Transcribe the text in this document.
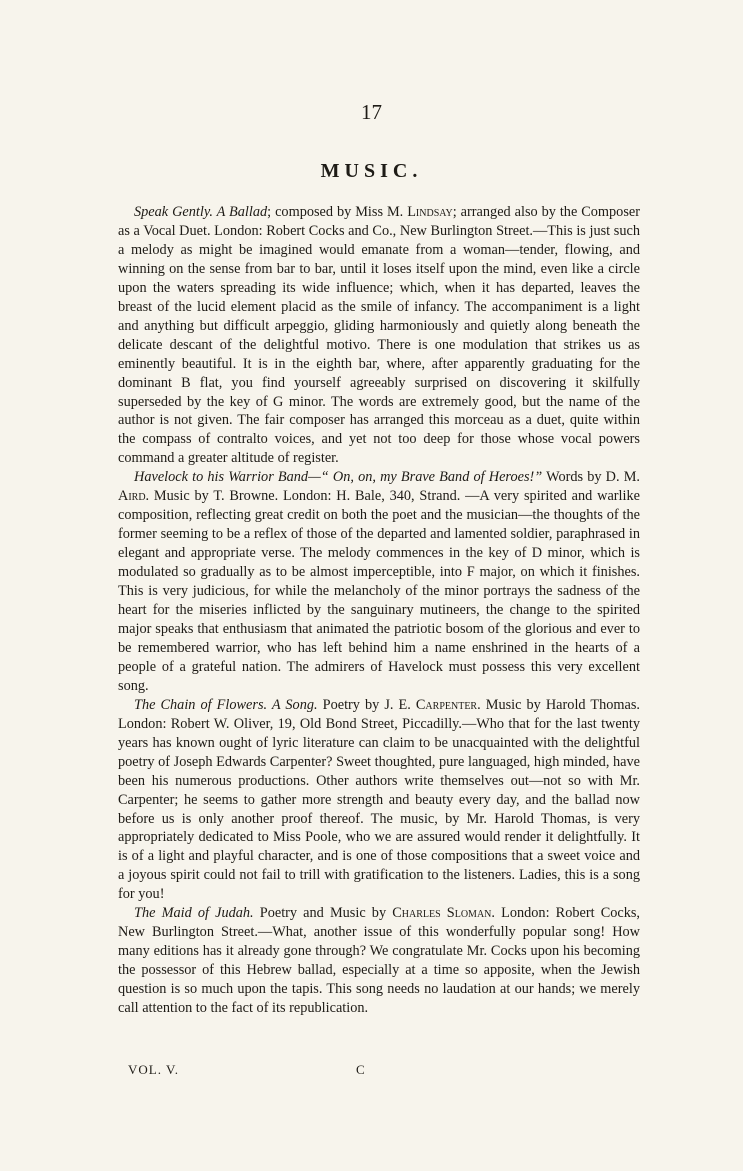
17
MUSIC.

Speak Gently. A Ballad; composed by Miss M. Lindsay; arranged also by the Composer as a Vocal Duet. London: Robert Cocks and Co., New Burlington Street.—This is just such a melody as might be imagined would emanate from a woman—tender, flowing, and winning on the sense from bar to bar, until it loses itself upon the mind, even like a circle upon the waters spreading its wide influence; which, when it has departed, leaves the breast of the lucid element placid as the smile of infancy. The accompaniment is a light and anything but difficult arpeggio, gliding harmoniously and quietly along beneath the delicate descant of the delightful motivo. There is one modulation that strikes us as eminently beautiful. It is in the eighth bar, where, after apparently graduating for the dominant B flat, you find yourself agreeably surprised on discovering it skilfully superseded by the key of G minor. The words are extremely good, but the name of the author is not given. The fair composer has arranged this morceau as a duet, quite within the compass of contralto voices, and yet not too deep for those whose vocal powers command a greater altitude of register.

Havelock to his Warrior Band—“ On, on, my Brave Band of Heroes!” Words by D. M. Aird. Music by T. Browne. London: H. Bale, 340, Strand. —A very spirited and warlike composition, reflecting great credit on both the poet and the musician—the thoughts of the former seeming to be a reflex of those of the departed and lamented soldier, paraphrased in elegant and appropriate verse. The melody commences in the key of D minor, which is modulated so gradually as to be almost imperceptible, into F major, on which it finishes. This is very judicious, for while the melancholy of the minor portrays the sadness of the heart for the miseries inflicted by the sanguinary mutineers, the change to the spirited major speaks that enthusiasm that animated the patriotic bosom of the glorious and ever to be remembered warrior, who has left behind him a name enshrined in the hearts of a people of a grateful nation. The admirers of Havelock must possess this very excellent song.

The Chain of Flowers. A Song. Poetry by J. E. Carpenter. Music by Harold Thomas. London: Robert W. Oliver, 19, Old Bond Street, Piccadilly.—Who that for the last twenty years has known ought of lyric literature can claim to be unacquainted with the delightful poetry of Joseph Edwards Carpenter? Sweet thoughted, pure languaged, high minded, have been his numerous productions. Other authors write themselves out—not so with Mr. Carpenter; he seems to gather more strength and beauty every day, and the ballad now before us is only another proof thereof. The music, by Mr. Harold Thomas, is very appropriately dedicated to Miss Poole, who we are assured would render it delightfully. It is of a light and playful character, and is one of those compositions that a sweet voice and a joyous spirit could not fail to trill with gratification to the listeners. Ladies, this is a song for you!

The Maid of Judah. Poetry and Music by Charles Sloman. London: Robert Cocks, New Burlington Street.—What, another issue of this wonderfully popular song! How many editions has it already gone through? We congratulate Mr. Cocks upon his becoming the possessor of this Hebrew ballad, especially at a time so apposite, when the Jewish question is so much upon the tapis. This song needs no laudation at our hands; we merely call attention to the fact of its republication.

VOL. V.	C
